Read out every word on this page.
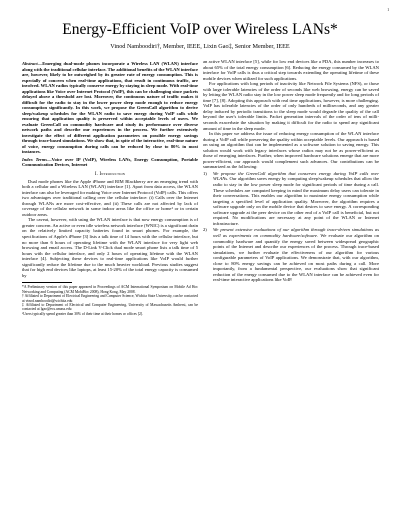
1
Energy-Efficient VoIP over Wireless LANs*
Vinod Namboodiri†, Member, IEEE, Lixin Gao‡, Senior Member, IEEE

Abstract—Emerging dual-mode phones incorporate a Wireless LAN (WLAN) interface along with the traditional cellular interface. The additional benefits of the WLAN interface are, however, likely to be outweighed by its greater rate of energy consumption. This is especially of concern when real-time applications, that result in continuous traffic, are involved. WLAN radios typically conserve energy by staying in sleep mode. With real-time applications like Voice over Internet Protocol (VoIP), this can be challenging since packets delayed above a threshold are lost. Moreover, the continuous nature of traffic makes it difficult for the radio to stay in the lower power sleep mode enough to reduce energy consumption significantly. In this work, we propose the GreenCall algorithm to derive sleep/wakeup schedules for the WLAN radio to save energy during VoIP calls while ensuring that application quality is preserved within acceptable levels of users. We evaluate GreenCall on commodity hardware and study its performance over diverse network paths and describe our experiences in the process. We further extensively investigate the effect of different application parameters on possible energy savings through trace-based simulations. We show that, in spite of the interactive, real-time nature of voice, energy consumption during calls can be reduced by close to 80% in most instances.

Index Terms—Voice over IP (VoIP), Wireless LANs, Energy Consumption, Portable Communication Devices, Internet

I. Introduction

Dual mode phones like the Apple iPhone and RIM Blackberry are an emerging trend with both a cellular and a Wireless LAN (WLAN) interface [1]. Apart from data access, the WLAN interface can also be leveraged for making Voice over Internet Protocol (VoIP) calls. This offers two advantages over traditional calling over the cellular interface: (i) Calls over the Internet through WLANs are more cost-effective, and (ii) These calls are not affected by lack of coverage of the cellular network in some indoor areas like the office or home¹ or in certain outdoor areas.

The caveat, however, with using the WLAN interface is that now energy consumption is of greater concern. An active or even idle wireless network interface (WNIC) is a significant drain on the relatively limited capacity batteries found in smart phones. For example, the specifications of Apple's iPhone [3] lists a talk time of 14 hours with the cellular interface, but no more than 6 hours of operating lifetime with the WLAN interface for very light web browsing and email access. The D-Link V-Click dual mode smart phone lists a talk time of 5 hours with the cellular interface, and only 2 hours of operating lifetime with the WLAN interface [4]. Subjecting these devices to real-time applications like VoIP would further significantly reduce the lifetime due to the much heavier workload. Previous studies suggest that for high end devices like laptops, at least 15-20% of the total energy capacity is consumed by

*A Preliminary version of this paper appeared in Proceedings of ACM International Symposium on Mobile Ad Hoc Networking and Computing (ACM MobiHoc 2008), Hong Kong, May 2008.

† Affiliated to Department of Electrical Engineering and Computer Science, Wichita State University, can be contacted at vinod.namboodiri@wichita.edu

‡ Affiliated to Department of Electrical and Computer Engineering, University of Massachusetts Amherst, can be contacted at lgao@ecs.umass.edu

¹Users typically spend greater than 30% of their time at their homes or offices [2].

an active WLAN interface [5], while for low end devices like a PDA, this number increases to about 65% of the total energy consumption [6]. Reducing the energy consumed by the WLAN interface for VoIP calls is thus a critical step towards extending the operating lifetime of these mobile devices when utilized for such applications.

For applications with long periods of inactivity like Network File Systems (NFS), or those with large tolerable latencies of the order of seconds like web browsing, energy can be saved by letting the WLAN radio stay in the low power sleep mode frequently and for long periods of time [7], [8]. Adopting this approach with real time applications, however, is more challenging. VoIP has tolerable latencies of the order of only hundreds of milliseconds, and any greater delay induced by periodic transitions to the sleep mode would degrade the quality of the call beyond the user's tolerable limits. Packet generation intervals of the order of tens of milli-seconds exacerbate the situation by making it difficult for the radio to spend any significant amount of time in the sleep mode.

In this paper we address the issue of reducing energy consumption of the WLAN interface during a VoIP call while preserving the quality within acceptable levels. Our approach is based on using an algorithm that can be implemented as a software solution to saving energy. This solution would work with legacy interfaces whose radios may not be as power-efficient as those of emerging interfaces. Further, when improved hardware solutions emerge that are more power-efficient, our approach would complement such advances. Our contributions can be summarized as the following:

1) We propose the GreenCall algorithm that conserves energy during VoIP calls over WLANs. Our algorithm saves energy by computing sleep/wakeup schedules that allow the radio to stay in the low power sleep mode for significant periods of time during a call. These schedules are computed keeping in mind the maximum delay users can tolerate in their conversations. This enables our algorithm to maximize energy consumption while targeting a specified level of application quality. Moreover, the algorithm requires a software upgrade only on the mobile device that desires to save energy. A corresponding software upgrade at the peer device on the other end of a VoIP call is beneficial, but not required. No modifications are necessary at any point of the WLAN or Internet infrastructure.
2) We present extensive evaluations of our algorithm through trace-driven simulations as well as experiments on commodity hardware/software. We evaluate our algorithm on commodity hardware and quantify the energy saved between widespread geographic points of the Internet and describe our experiences of the process. Through trace-based simulations, we further evaluate the effectiveness of our algorithm for various configurable parameters of VoIP applications. We demonstrate that, with our algorithm, close to 80% energy savings can be achieved on most paths during a call. More importantly, from a fundamental perspective, our evaluations show that significant reduction of the energy consumed due to the WLAN interface can be achieved even for real-time interactive applications like VoIP.
